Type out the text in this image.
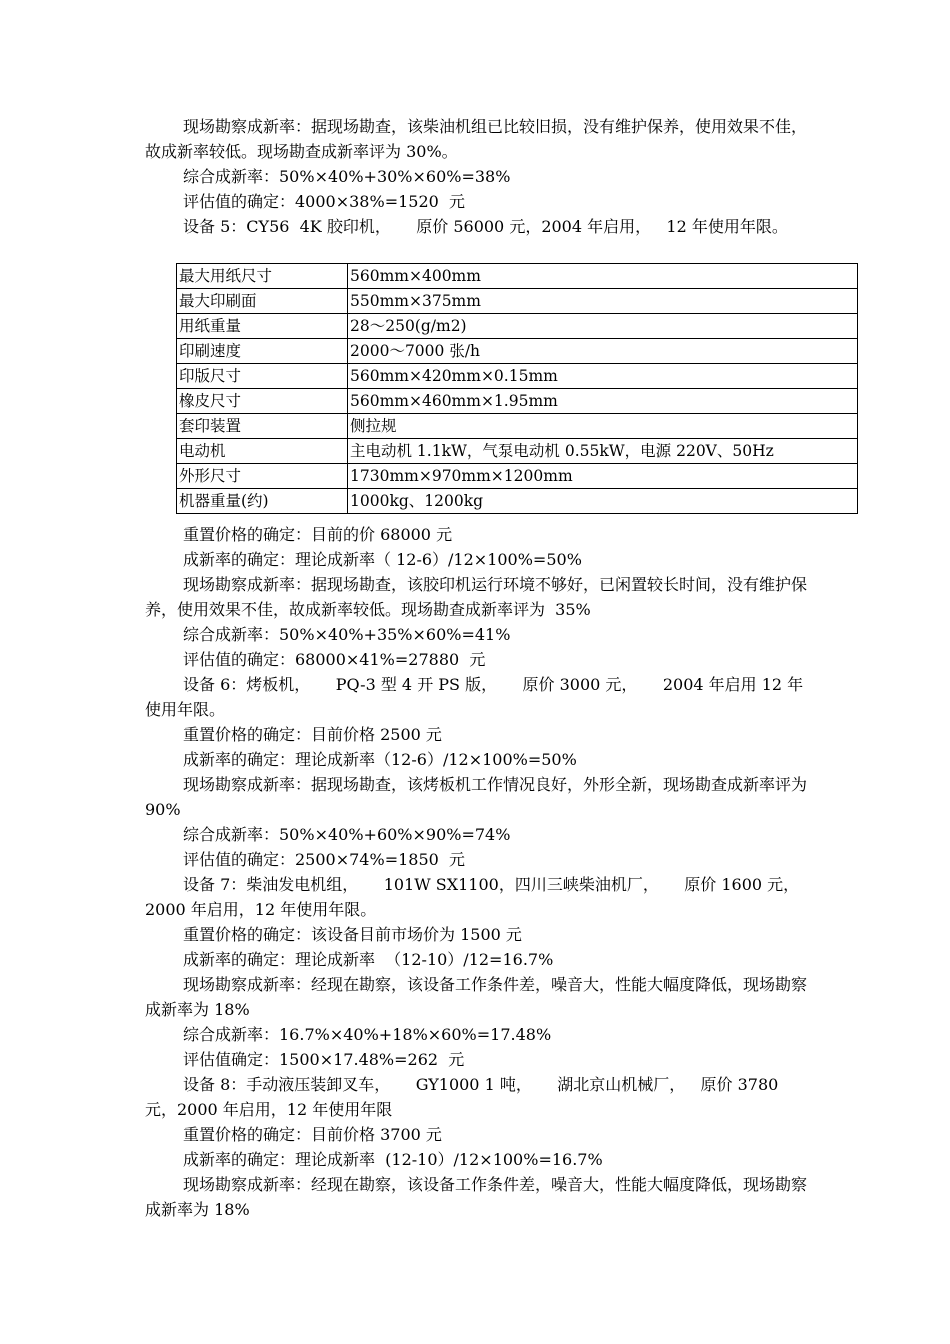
现场勘察成新率：据现场勘查，该柴油机组已比较旧损，没有维护保养，使用效果不佳，故成新率较低。现场勘查成新率评为 30%。

综合成新率：50%×40%+30%×60%=38%

评估值的确定：4000×38%=1520  元

设备 5：CY56  4K 胶印机，     原价 56000 元，2004 年启用，   12 年使用年限。

最大用纸尺寸	560mm×400mm
最大印刷面	550mm×375mm
用纸重量	28～250(g/m2)
印刷速度	2000～7000 张/h
印版尺寸	560mm×420mm×0.15mm
橡皮尺寸	560mm×460mm×1.95mm
套印装置	侧拉规
电动机	主电动机 1.1kW，气泵电动机 0.55kW，电源 220V、50Hz
外形尺寸	1730mm×970mm×1200mm
机器重量(约)	1000kg、1200kg

重置价格的确定：目前的价 68000 元

成新率的确定：理论成新率（ 12-6）/12×100%=50%

现场勘察成新率：据现场勘查，该胶印机运行环境不够好，已闲置较长时间，没有维护保养，使用效果不佳，故成新率较低。现场勘查成新率评为  35%

综合成新率：50%×40%+35%×60%=41%

评估值的确定：68000×41%=27880  元

设备 6：烤板机，     PQ-3 型 4 开 PS 版，     原价 3000 元，     2004 年启用 12 年使用年限。

重置价格的确定：目前价格 2500 元

成新率的确定：理论成新率（12-6）/12×100%=50%

现场勘察成新率：据现场勘查，该烤板机工作情况良好，外形全新，现场勘查成新率评为 90%

综合成新率：50%×40%+60%×90%=74%

评估值的确定：2500×74%=1850  元

设备 7：柴油发电机组，     101W SX1100，四川三峡柴油机厂，     原价 1600 元，       2000 年启用，12 年使用年限。

重置价格的确定：该设备目前市场价为 1500 元

成新率的确定：理论成新率  （12-10）/12=16.7%

现场勘察成新率：经现在勘察，该设备工作条件差，噪音大，性能大幅度降低，现场勘察成新率为 18%

综合成新率：16.7%×40%+18%×60%=17.48%

评估值确定：1500×17.48%=262  元

设备 8：手动液压装卸叉车，     GY1000 1 吨，     湖北京山机械厂，   原价 3780 元，2000 年启用，12 年使用年限

重置价格的确定：目前价格 3700 元

成新率的确定：理论成新率  (12-10）/12×100%=16.7%

现场勘察成新率：经现在勘察，该设备工作条件差，噪音大，性能大幅度降低，现场勘察成新率为 18%
